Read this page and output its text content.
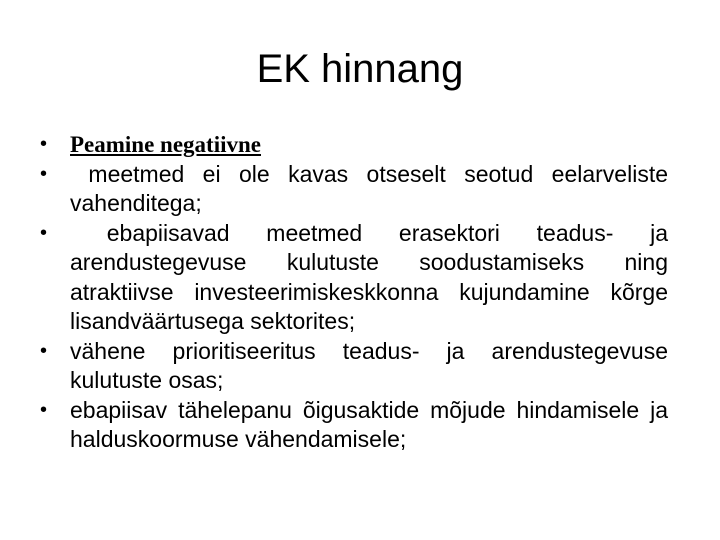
EK hinnang
• Peamine negatiivne
•	meetmed ei ole kavas otseselt seotud eelarveliste vahenditega;
•	ebapiisavad meetmed erasektori teadus- ja arendustegevuse kulutuste soodustamiseks ning atraktiivse investeerimiskeskkonna kujundamine kõrge lisandväärtusega sektorites;
• vähene prioritiseeritus teadus- ja arendustegevuse kulutuste osas;
• ebapiisav tähelepanu õigusaktide mõjude hindamisele ja halduskoormuse vähendamisele;
